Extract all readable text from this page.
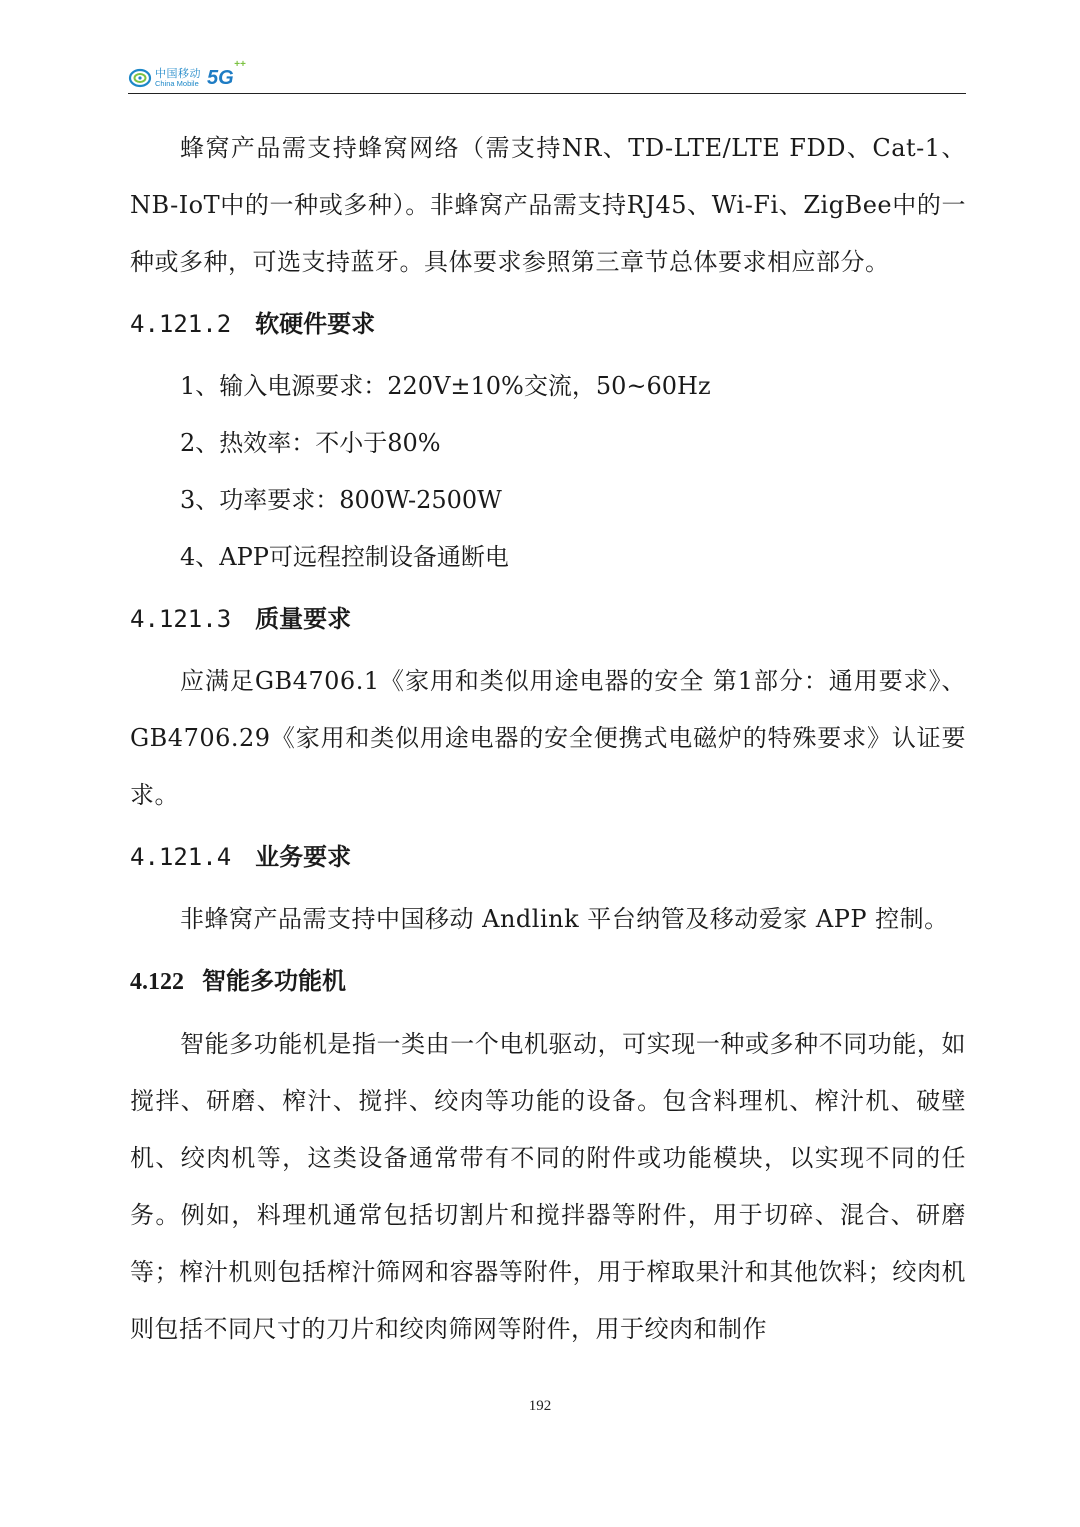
中国移动
China Mobile 5G
++

蜂窝产品需支持蜂窝网络（需支持NR、TD-LTE/LTE FDD、Cat-1、NB-IoT中的一种或多种）。非蜂窝产品需支持RJ45、Wi-Fi、ZigBee中的一种或多种，可选支持蓝牙。具体要求参照第三章节总体要求相应部分。

4.121.2 软硬件要求

1、输入电源要求：220V±10%交流，50~60Hz

2、热效率：不小于80%

3、功率要求：800W-2500W

4、APP可远程控制设备通断电

4.121.3 质量要求

应满足GB4706.1《家用和类似用途电器的安全 第1部分：通用要求》、GB4706.29《家用和类似用途电器的安全便携式电磁炉的特殊要求》认证要求。

4.121.4 业务要求

非蜂窝产品需支持中国移动 Andlink 平台纳管及移动爱家 APP 控制。

4.122 智能多功能机

智能多功能机是指一类由一个电机驱动，可实现一种或多种不同功能，如搅拌、研磨、榨汁、搅拌、绞肉等功能的设备。包含料理机、榨汁机、破壁机、绞肉机等，这类设备通常带有不同的附件或功能模块，以实现不同的任务。例如，料理机通常包括切割片和搅拌器等附件，用于切碎、混合、研磨等；榨汁机则包括榨汁筛网和容器等附件，用于榨取果汁和其他饮料；绞肉机则包括不同尺寸的刀片和绞肉筛网等附件，用于绞肉和制作

192
